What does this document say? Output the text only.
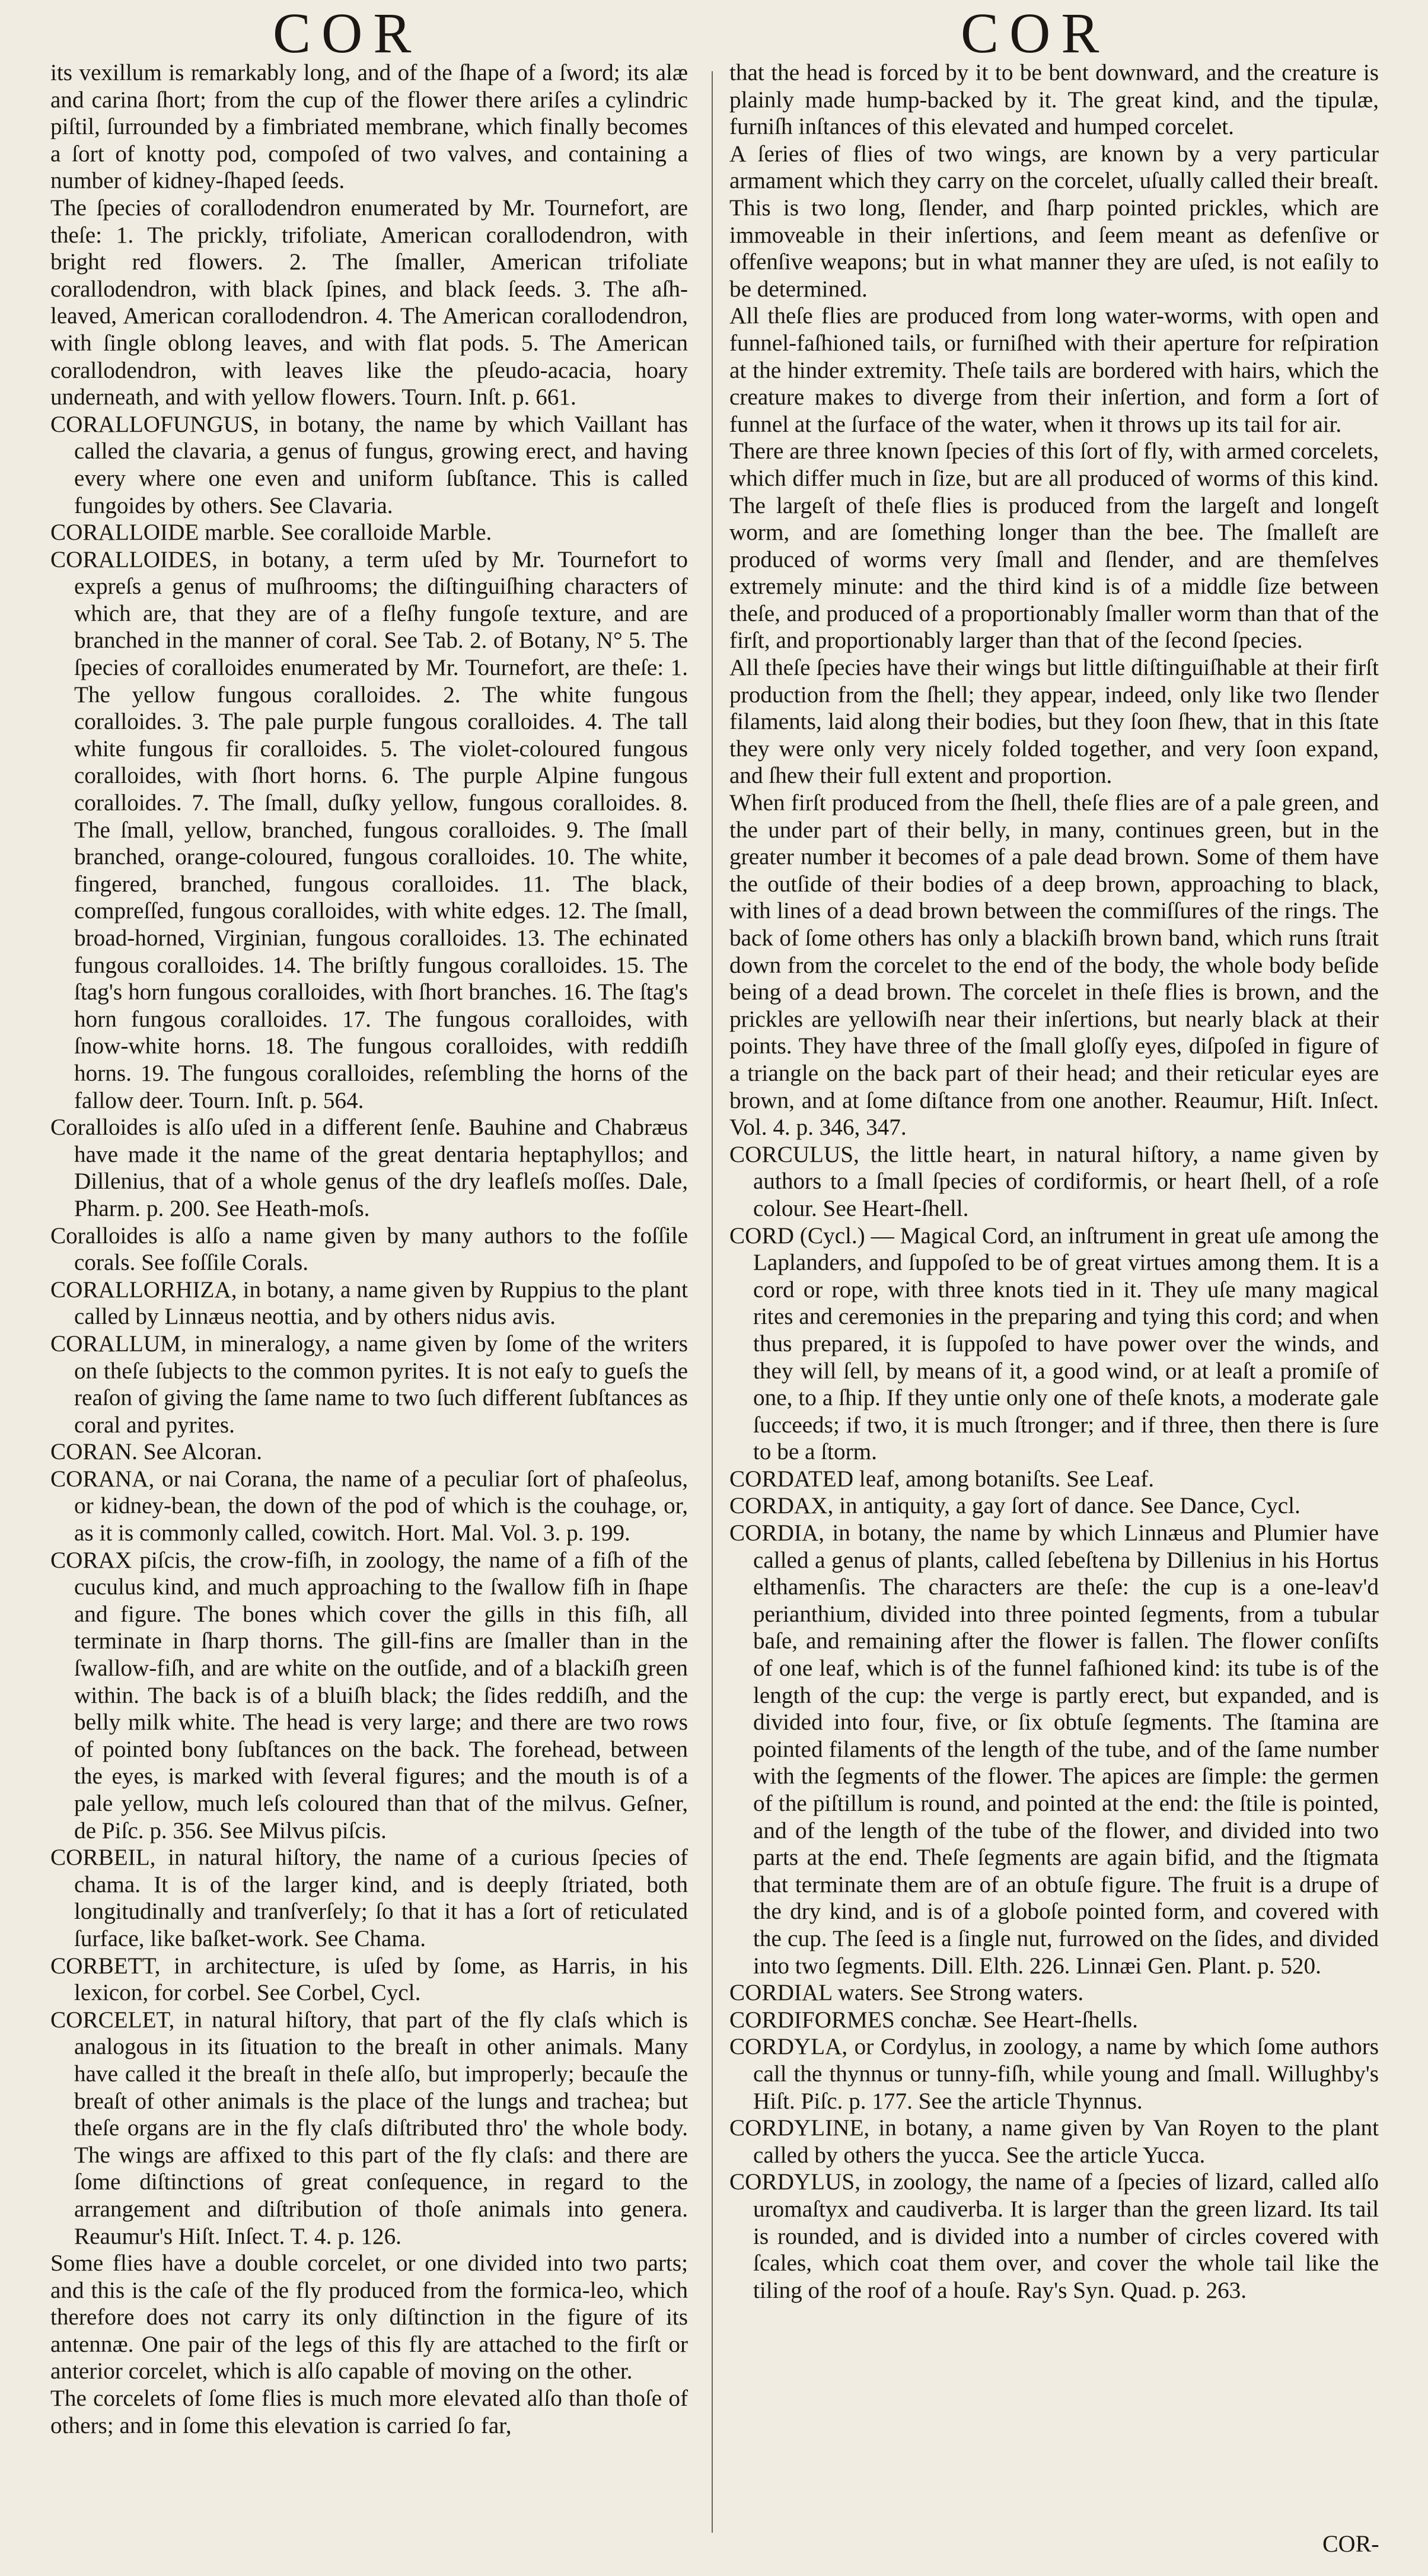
COR	COR

its vexillum is remarkably long, and of the ſhape of a ſword; its alæ and carina ſhort; from the cup of the flower there ariſes a cylindric piſtil, ſurrounded by a fimbriated membrane, which finally becomes a ſort of knotty pod, compoſed of two valves, and containing a number of kidney-ſhaped ſeeds.

The ſpecies of corallodendron enumerated by Mr. Tournefort, are theſe: 1. The prickly, trifoliate, American corallodendron, with bright red flowers. 2. The ſmaller, American trifoliate corallodendron, with black ſpines, and black ſeeds. 3. The aſh-leaved, American corallodendron. 4. The American corallodendron, with ſingle oblong leaves, and with flat pods. 5. The American corallodendron, with leaves like the pſeudo-acacia, hoary underneath, and with yellow flowers. Tourn. Inſt. p. 661.

CORALLOFUNGUS, in botany, the name by which Vaillant has called the clavaria, a genus of fungus, growing erect, and having every where one even and uniform ſubſtance. This is called fungoides by others. See Clavaria.

CORALLOIDE marble. See coralloide Marble.

CORALLOIDES, in botany, a term uſed by Mr. Tournefort to expreſs a genus of muſhrooms; the diſtinguiſhing characters of which are, that they are of a fleſhy fungoſe texture, and are branched in the manner of coral. See Tab. 2. of Botany, N° 5. The ſpecies of coralloides enumerated by Mr. Tournefort, are theſe: 1. The yellow fungous coralloides. 2. The white fungous coralloides. 3. The pale purple fungous coralloides. 4. The tall white fungous fir coralloides. 5. The violet-coloured fungous coralloides, with ſhort horns. 6. The purple Alpine fungous coralloides. 7. The ſmall, duſky yellow, fungous coralloides. 8. The ſmall, yellow, branched, fungous coralloides. 9. The ſmall branched, orange-coloured, fungous coralloides. 10. The white, fingered, branched, fungous coralloides. 11. The black, compreſſed, fungous coralloides, with white edges. 12. The ſmall, broad-horned, Virginian, fungous coralloides. 13. The echinated fungous coralloides. 14. The briſtly fungous coralloides. 15. The ſtag's horn fungous coralloides, with ſhort branches. 16. The ſtag's horn fungous coralloides. 17. The fungous coralloides, with ſnow-white horns. 18. The fungous coralloides, with reddiſh horns. 19. The fungous coralloides, reſembling the horns of the fallow deer. Tourn. Inſt. p. 564.

Coralloides is alſo uſed in a different ſenſe. Bauhine and Chabræus have made it the name of the great dentaria heptaphyllos; and Dillenius, that of a whole genus of the dry leafleſs moſſes. Dale, Pharm. p. 200. See Heath-moſs.

Coralloides is alſo a name given by many authors to the foſſile corals. See foſſile Corals.

CORALLORHIZA, in botany, a name given by Ruppius to the plant called by Linnæus neottia, and by others nidus avis.

CORALLUM, in mineralogy, a name given by ſome of the writers on theſe ſubjects to the common pyrites. It is not eaſy to gueſs the reaſon of giving the ſame name to two ſuch different ſubſtances as coral and pyrites.

CORAN. See Alcoran.

CORANA, or nai Corana, the name of a peculiar ſort of phaſeolus, or kidney-bean, the down of the pod of which is the couhage, or, as it is commonly called, cowitch. Hort. Mal. Vol. 3. p. 199.

CORAX piſcis, the crow-fiſh, in zoology, the name of a fiſh of the cuculus kind, and much approaching to the ſwallow fiſh in ſhape and figure. The bones which cover the gills in this fiſh, all terminate in ſharp thorns. The gill-fins are ſmaller than in the ſwallow-fiſh, and are white on the outſide, and of a blackiſh green within. The back is of a bluiſh black; the ſides reddiſh, and the belly milk white. The head is very large; and there are two rows of pointed bony ſubſtances on the back. The forehead, between the eyes, is marked with ſeveral figures; and the mouth is of a pale yellow, much leſs coloured than that of the milvus. Geſner, de Piſc. p. 356. See Milvus piſcis.

CORBEIL, in natural hiſtory, the name of a curious ſpecies of chama. It is of the larger kind, and is deeply ſtriated, both longitudinally and tranſverſely; ſo that it has a ſort of reticulated ſurface, like baſket-work. See Chama.

CORBETT, in architecture, is uſed by ſome, as Harris, in his lexicon, for corbel. See Corbel, Cycl.

CORCELET, in natural hiſtory, that part of the fly claſs which is analogous in its ſituation to the breaſt in other animals. Many have called it the breaſt in theſe alſo, but improperly; becauſe the breaſt of other animals is the place of the lungs and trachea; but theſe organs are in the fly claſs diſtributed thro' the whole body. The wings are affixed to this part of the fly claſs: and there are ſome diſtinctions of great conſequence, in regard to the arrangement and diſtribution of thoſe animals into genera. Reaumur's Hiſt. Inſect. T. 4. p. 126.

Some flies have a double corcelet, or one divided into two parts; and this is the caſe of the fly produced from the formica-leo, which therefore does not carry its only diſtinction in the figure of its antennæ. One pair of the legs of this fly are attached to the firſt or anterior corcelet, which is alſo capable of moving on the other.

The corcelets of ſome flies is much more elevated alſo than thoſe of others; and in ſome this elevation is carried ſo far,

that the head is forced by it to be bent downward, and the creature is plainly made hump-backed by it. The great kind, and the tipulæ, furniſh inſtances of this elevated and humped corcelet.

A ſeries of flies of two wings, are known by a very particular armament which they carry on the corcelet, uſually called their breaſt. This is two long, ſlender, and ſharp pointed prickles, which are immoveable in their inſertions, and ſeem meant as defenſive or offenſive weapons; but in what manner they are uſed, is not eaſily to be determined.

All theſe flies are produced from long water-worms, with open and funnel-faſhioned tails, or furniſhed with their aperture for reſpiration at the hinder extremity. Theſe tails are bordered with hairs, which the creature makes to diverge from their inſertion, and form a ſort of funnel at the ſurface of the water, when it throws up its tail for air.

There are three known ſpecies of this ſort of fly, with armed corcelets, which differ much in ſize, but are all produced of worms of this kind. The largeſt of theſe flies is produced from the largeſt and longeſt worm, and are ſomething longer than the bee. The ſmalleſt are produced of worms very ſmall and ſlender, and are themſelves extremely minute: and the third kind is of a middle ſize between theſe, and produced of a proportionably ſmaller worm than that of the firſt, and proportionably larger than that of the ſecond ſpecies.

All theſe ſpecies have their wings but little diſtinguiſhable at their firſt production from the ſhell; they appear, indeed, only like two ſlender filaments, laid along their bodies, but they ſoon ſhew, that in this ſtate they were only very nicely folded together, and very ſoon expand, and ſhew their full extent and proportion.

When firſt produced from the ſhell, theſe flies are of a pale green, and the under part of their belly, in many, continues green, but in the greater number it becomes of a pale dead brown. Some of them have the outſide of their bodies of a deep brown, approaching to black, with lines of a dead brown between the commiſſures of the rings. The back of ſome others has only a blackiſh brown band, which runs ſtrait down from the corcelet to the end of the body, the whole body beſide being of a dead brown. The corcelet in theſe flies is brown, and the prickles are yellowiſh near their inſertions, but nearly black at their points. They have three of the ſmall gloſſy eyes, diſpoſed in figure of a triangle on the back part of their head; and their reticular eyes are brown, and at ſome diſtance from one another. Reaumur, Hiſt. Inſect. Vol. 4. p. 346, 347.

CORCULUS, the little heart, in natural hiſtory, a name given by authors to a ſmall ſpecies of cordiformis, or heart ſhell, of a roſe colour. See Heart-ſhell.

CORD (Cycl.) — Magical Cord, an inſtrument in great uſe among the Laplanders, and ſuppoſed to be of great virtues among them. It is a cord or rope, with three knots tied in it. They uſe many magical rites and ceremonies in the preparing and tying this cord; and when thus prepared, it is ſuppoſed to have power over the winds, and they will ſell, by means of it, a good wind, or at leaſt a promiſe of one, to a ſhip. If they untie only one of theſe knots, a moderate gale ſucceeds; if two, it is much ſtronger; and if three, then there is ſure to be a ſtorm.

CORDATED leaf, among botaniſts. See Leaf.

CORDAX, in antiquity, a gay ſort of dance. See Dance, Cycl.

CORDIA, in botany, the name by which Linnæus and Plumier have called a genus of plants, called ſebeſtena by Dillenius in his Hortus elthamenſis. The characters are theſe: the cup is a one-leav'd perianthium, divided into three pointed ſegments, from a tubular baſe, and remaining after the flower is fallen. The flower conſiſts of one leaf, which is of the funnel faſhioned kind: its tube is of the length of the cup: the verge is partly erect, but expanded, and is divided into four, five, or ſix obtuſe ſegments. The ſtamina are pointed filaments of the length of the tube, and of the ſame number with the ſegments of the flower. The apices are ſimple: the germen of the piſtillum is round, and pointed at the end: the ſtile is pointed, and of the length of the tube of the flower, and divided into two parts at the end. Theſe ſegments are again bifid, and the ſtigmata that terminate them are of an obtuſe figure. The fruit is a drupe of the dry kind, and is of a globoſe pointed form, and covered with the cup. The ſeed is a ſingle nut, furrowed on the ſides, and divided into two ſegments. Dill. Elth. 226. Linnæi Gen. Plant. p. 520.

CORDIAL waters. See Strong waters.

CORDIFORMES conchæ. See Heart-ſhells.

CORDYLA, or Cordylus, in zoology, a name by which ſome authors call the thynnus or tunny-fiſh, while young and ſmall. Willughby's Hiſt. Piſc. p. 177. See the article Thynnus.

CORDYLINE, in botany, a name given by Van Royen to the plant called by others the yucca. See the article Yucca.

CORDYLUS, in zoology, the name of a ſpecies of lizard, called alſo uromaſtyx and caudiverba. It is larger than the green lizard. Its tail is rounded, and is divided into a number of circles covered with ſcales, which coat them over, and cover the whole tail like the tiling of the roof of a houſe. Ray's Syn. Quad. p. 263.

COR-
